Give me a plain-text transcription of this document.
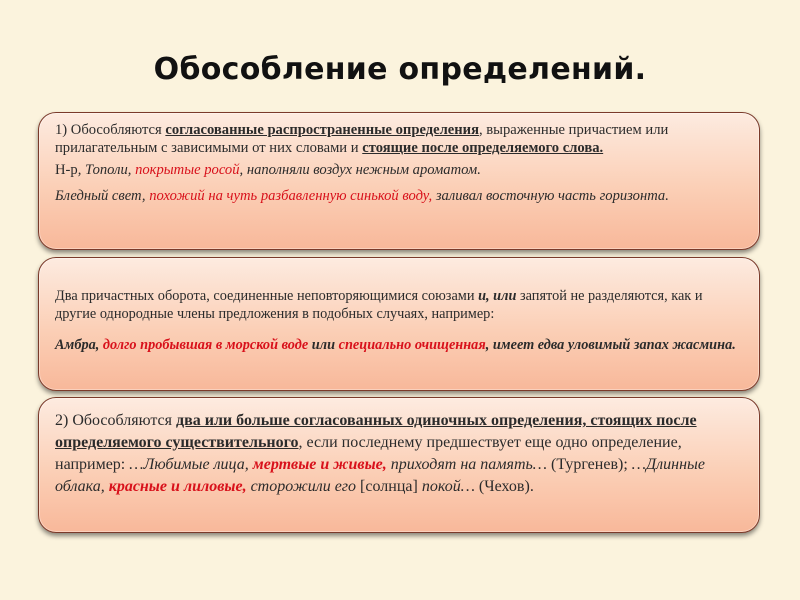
Обособление определений.

1) Обособляются согласованные распространенные определения, выраженные причастием или прилагательным с зависимыми от них словами и стоящие после определяемого слова.

Н-р, Тополи, покрытые росой, наполняли воздух нежным ароматом.

Бледный свет, похожий на чуть разбавленную синькой воду, заливал восточную часть горизонта.

Два причастных оборота, соединенные неповторяющимися союзами и, или запятой не разделяются, как и другие однородные члены предложения в подобных случаях, например:

Амбра, долго пробывшая в морской воде или специально очищенная, имеет едва уловимый запах жасмина.

2) Обособляются два или больше согласованных одиночных определения, стоящих после определяемого существительного, если последнему предшествует еще одно определение, например: …Любимые лица, мертвые и живые, приходят на память… (Тургенев); …Длинные облака, красные и лиловые, сторожили его [солнца] покой… (Чехов).
